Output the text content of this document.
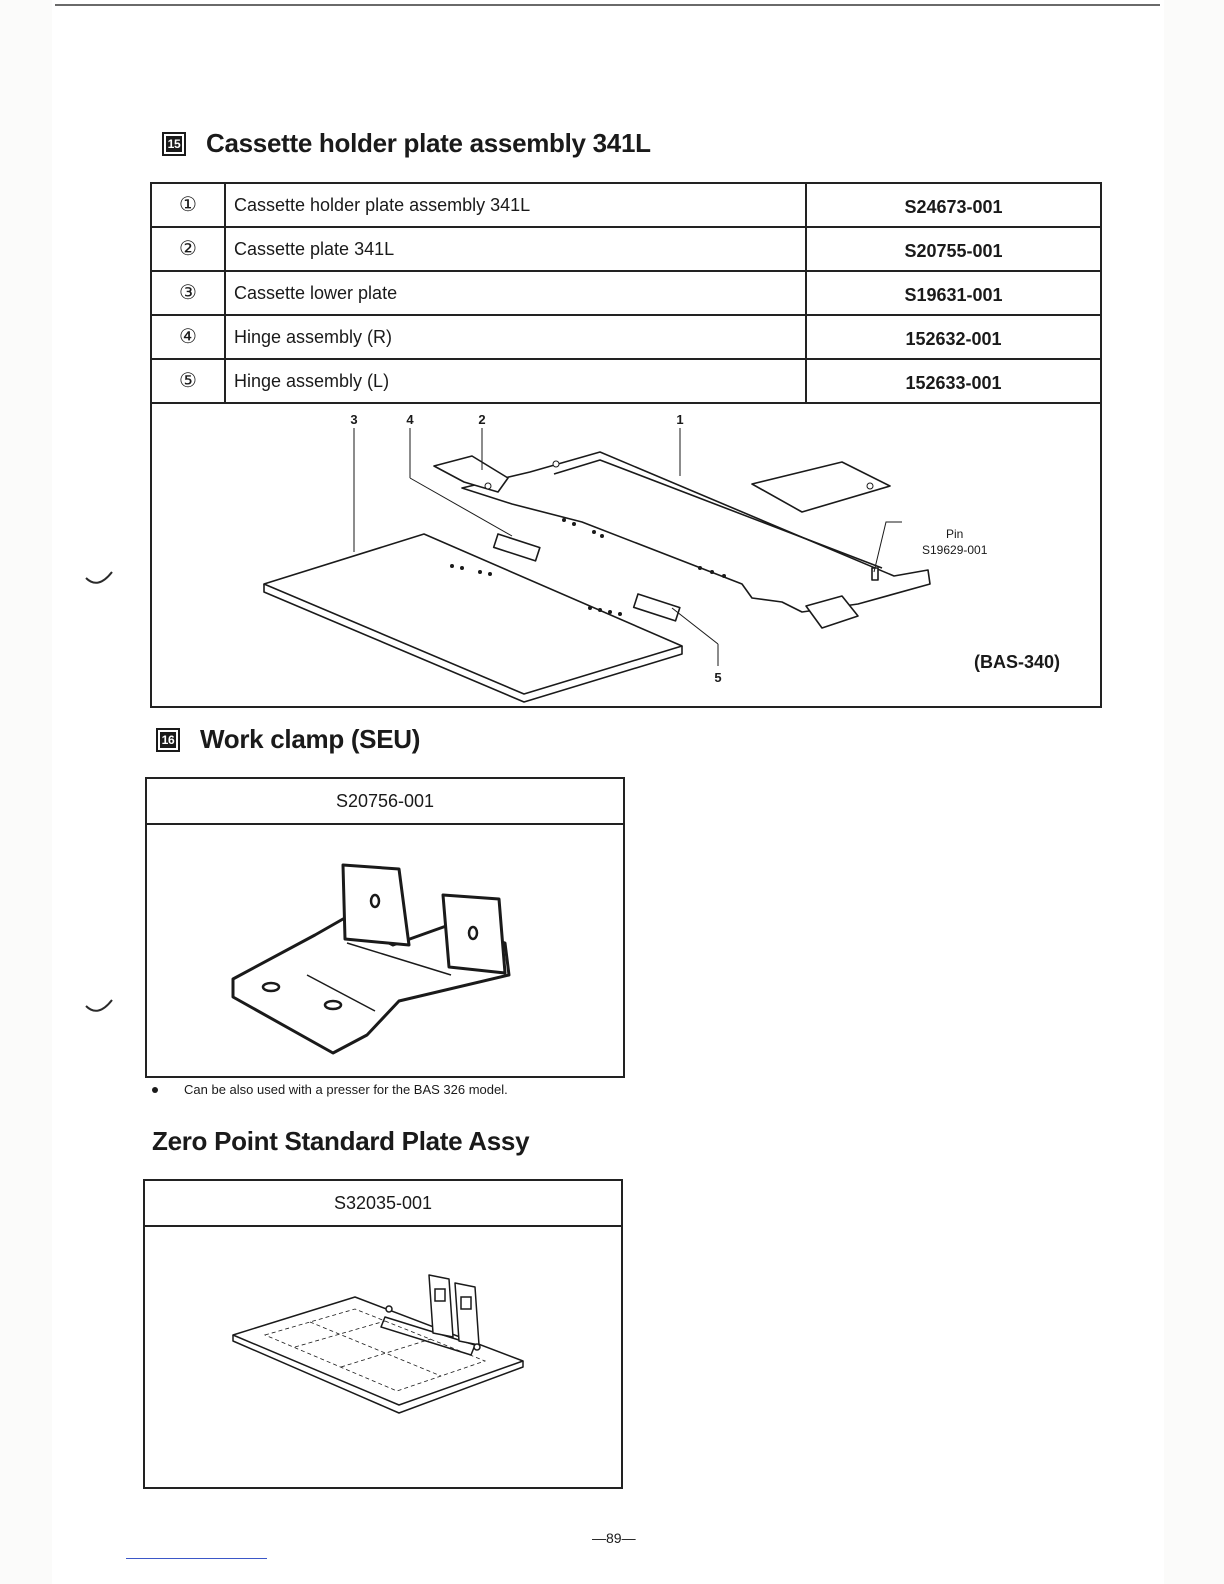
15 Cassette holder plate assembly 341L
①	Cassette holder plate assembly 341L	S24673-001
②	Cassette plate 341L	S20755-001
③	Cassette lower plate	S19631-001
④	Hinge assembly (R)	152632-001
⑤	Hinge assembly (L)	152633-001
3	4	2	1
5
Pin
S19629-001
(BAS-340)
16 Work clamp (SEU)
S20756-001
Can be also used with a presser for the BAS 326 model.
Zero Point Standard Plate Assy
S32035-001
—89—
